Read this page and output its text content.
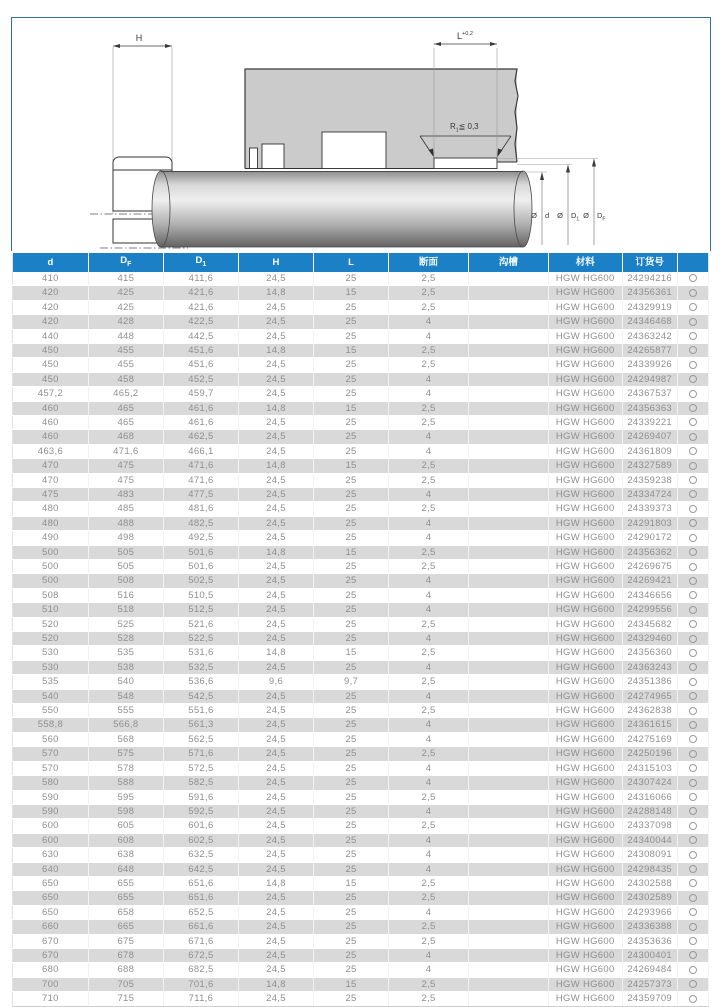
H
$R_1≦$ 0,3
$L^{+0,2}$
Ø d Ø $D_1$ Ø $D_F$
d	$D_F$	$D_1$	H	L	断面	沟槽	材料	订货号	
410	415	411,6	24,5	25	2,5		HGW HG600	24294216	
420	425	421,6	14,8	15	2,5		HGW HG600	24356361	
420	425	421,6	24,5	25	2,5		HGW HG600	24329919	
420	428	422,5	24,5	25	4		HGW HG600	24346468	
440	448	442,5	24,5	25	4		HGW HG600	24363242	
450	455	451,6	14,8	15	2,5		HGW HG600	24265877	
450	455	451,6	24,5	25	2,5		HGW HG600	24339926	
450	458	452,5	24,5	25	4		HGW HG600	24294987	
457,2	465,2	459,7	24,5	25	4		HGW HG600	24367537	
460	465	461,6	14,8	15	2,5		HGW HG600	24356363	
460	465	461,6	24,5	25	2,5		HGW HG600	24339221	
460	468	462,5	24,5	25	4		HGW HG600	24269407	
463,6	471,6	466,1	24,5	25	4		HGW HG600	24361809	
470	475	471,6	14,8	15	2,5		HGW HG600	24327589	
470	475	471,6	24,5	25	2,5		HGW HG600	24359238	
475	483	477,5	24,5	25	4		HGW HG600	24334724	
480	485	481,6	24,5	25	2,5		HGW HG600	24339373	
480	488	482,5	24,5	25	4		HGW HG600	24291803	
490	498	492,5	24,5	25	4		HGW HG600	24290172	
500	505	501,6	14,8	15	2,5		HGW HG600	24356362	
500	505	501,6	24,5	25	2,5		HGW HG600	24269675	
500	508	502,5	24,5	25	4		HGW HG600	24269421	
508	516	510,5	24,5	25	4		HGW HG600	24346656	
510	518	512,5	24,5	25	4		HGW HG600	24299556	
520	525	521,6	24,5	25	2,5		HGW HG600	24345682	
520	528	522,5	24,5	25	4		HGW HG600	24329460	
530	535	531,6	14,8	15	2,5		HGW HG600	24356360	
530	538	532,5	24,5	25	4		HGW HG600	24363243	
535	540	536,6	9,6	9,7	2,5		HGW HG600	24351386	
540	548	542,5	24,5	25	4		HGW HG600	24274965	
550	555	551,6	24,5	25	2,5		HGW HG600	24362838	
558,8	566,8	561,3	24,5	25	4		HGW HG600	24361615	
560	568	562,5	24,5	25	4		HGW HG600	24275169	
570	575	571,6	24,5	25	2,5		HGW HG600	24250196	
570	578	572,5	24,5	25	4		HGW HG600	24315103	
580	588	582,5	24,5	25	4		HGW HG600	24307424	
590	595	591,6	24,5	25	2,5		HGW HG600	24316066	
590	598	592,5	24,5	25	4		HGW HG600	24288148	
600	605	601,6	24,5	25	2,5		HGW HG600	24337098	
600	608	602,5	24,5	25	4		HGW HG600	24340044	
630	638	632,5	24,5	25	4		HGW HG600	24308091	
640	648	642,5	24,5	25	4		HGW HG600	24298435	
650	655	651,6	14,8	15	2,5		HGW HG600	24302588	
650	655	651,6	24,5	25	2,5		HGW HG600	24302589	
650	658	652,5	24,5	25	4		HGW HG600	24293966	
660	665	661,6	24,5	25	2,5		HGW HG600	24336388	
670	675	671,6	24,5	25	2,5		HGW HG600	24353636	
670	678	672,5	24,5	25	4		HGW HG600	24300401	
680	688	682,5	24,5	25	4		HGW HG600	24269484	
700	705	701,6	14,8	15	2,5		HGW HG600	24257373	
710	715	711,6	24,5	25	2,5		HGW HG600	24359709	
